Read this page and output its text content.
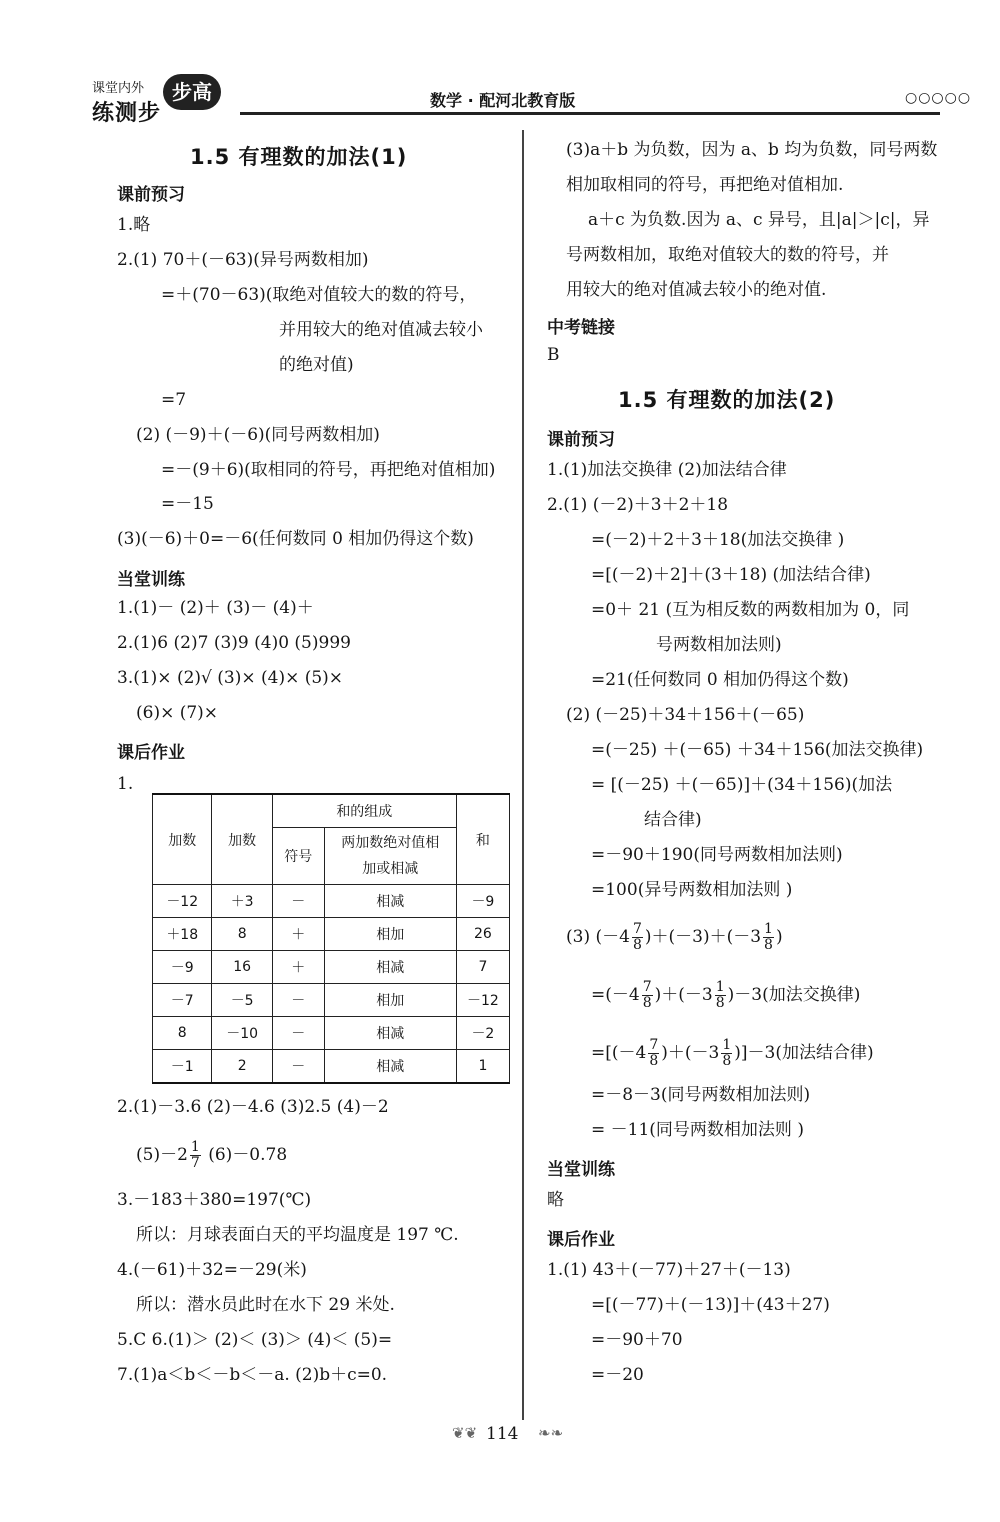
课堂内外
练测步
步高	数学 · 配河北教育版	○○○○○
1.5 有理数的加法(1)
课前预习
1.略
2.(1) 70＋(－63)(异号两数相加)
=＋(70－63)(取绝对值较大的数的符号，
并用较大的绝对值减去较小
的绝对值)
=7
(2) (－9)＋(－6)(同号两数相加)
=－(9＋6)(取相同的符号，再把绝对值相加)
=－15
(3)(－6)＋0=－6(任何数同 0 相加仍得这个数)
当堂训练
1.(1)－ (2)＋ (3)－ (4)＋
2.(1)6 (2)7 (3)9 (4)0 (5)999
3.(1)× (2)√ (3)× (4)× (5)×
(6)× (7)×
课后作业
1.
加数	加数	和的组成		和
		符号	两加数绝对值相加或相减	
－12	＋3	－	相减	－9
＋18	8	＋	相加	26
－9	16	＋	相减	7
－7	－5	－	相加	－12
8	－10	－	相减	－2
－1	2	－	相减	1
2.(1)－3.6 (2)－4.6 (3)2.5 (4)－2
$(5)-2 \frac{1}{7} (6)-0.78$
3.－183＋380=197(℃)
所以：月球表面白天的平均温度是 197 ℃.
4.(－61)＋32=－29(米)
所以：潜水员此时在水下 29 米处.
5.C 6.(1)＞ (2)＜ (3)＞ (4)＜ (5)=
7.(1)a＜b＜－b＜－a. (2)b＋c=0.
(3)a＋b 为负数，因为 a、b 均为负数，同号两数
相加取相同的符号，再把绝对值相加.
a＋c 为负数.因为 a、c 异号，且|a|＞|c|，异
号两数相加，取绝对值较大的数的符号，并
用较大的绝对值减去较小的绝对值.
中考链接
B
1.5 有理数的加法(2)
课前预习
1.(1)加法交换律 (2)加法结合律
2.(1) (－2)＋3＋2＋18
=(－2)＋2＋3＋18(加法交换律 )
=[(－2)＋2]＋(3＋18) (加法结合律)
=0＋ 21 (互为相反数的两数相加为 0，同
号两数相加法则)
=21(任何数同 0 相加仍得这个数)
(2) (－25)＋34＋156＋(－65)
=(－25) ＋(－65) ＋34＋156(加法交换律)
= [(－25) ＋(－65)]＋(34＋156)(加法
结合律)
=－90＋190(同号两数相加法则)
=100(异号两数相加法则 )
(3) $(-4 \frac{7}{8} )+(-3)+(-3 \frac{1}{8}$ )
$=(-4 \frac{7}{8} )+(-3 \frac{1}{8} )-3$(加法交换律)
$=[(-4 \frac{7}{8} )+(-3 \frac{1}{8} )]-3$(加法结合律)
=－8－3(同号两数相加法则)
= －11(同号两数相加法则 )
当堂训练
略
课后作业
1.(1) 43＋(－77)＋27＋(－13)
=[(－77)＋(－13)]＋(43＋27)
=－90＋70
=－20
❦❦ 114 ❧❧
